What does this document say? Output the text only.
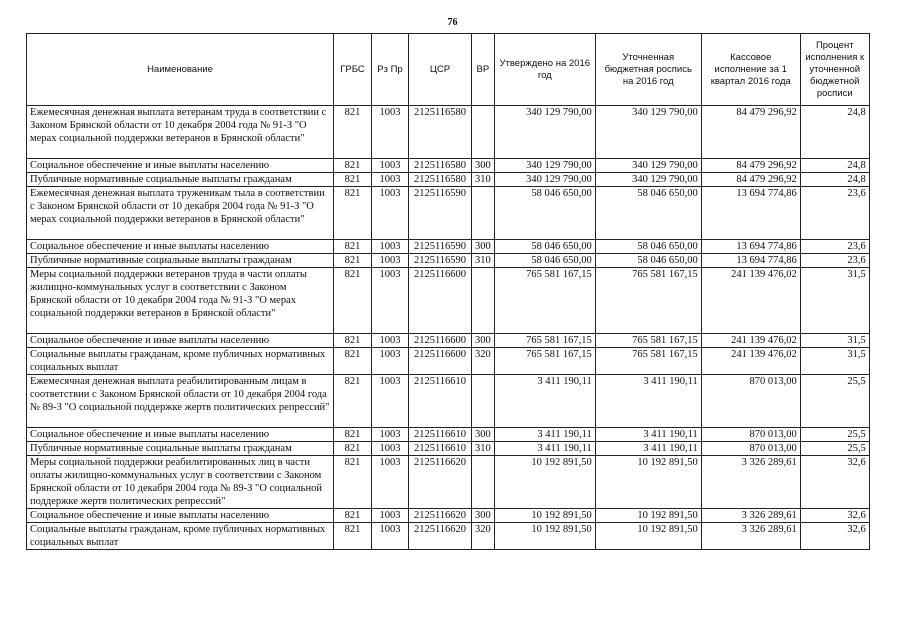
76
Наименование	ГРБС	Рз Пр	ЦСР	ВР	Утверждено на 2016 год	Уточненная бюджетная роспись на 2016 год	Кассовое исполнение за 1 квартал 2016 года	Процент исполнения к уточненной бюджетной росписи
Ежемесячная денежная выплата ветеранам труда в соответствии с Законом Брянской области от 10 декабря 2004 года № 91-З "О мерах социальной поддержки ветеранов в Брянской области"	821	1003	2125116580		340 129 790,00	340 129 790,00	84 479 296,92	24,8
Социальное обеспечение и иные выплаты населению	821	1003	2125116580	300	340 129 790,00	340 129 790,00	84 479 296,92	24,8
Публичные нормативные социальные выплаты гражданам	821	1003	2125116580	310	340 129 790,00	340 129 790,00	84 479 296,92	24,8
Ежемесячная денежная выплата труженикам тыла в соответствии с Законом Брянской области от 10 декабря 2004 года № 91-З "О мерах социальной поддержки ветеранов в Брянской области"	821	1003	2125116590		58 046 650,00	58 046 650,00	13 694 774,86	23,6
Социальное обеспечение и иные выплаты населению	821	1003	2125116590	300	58 046 650,00	58 046 650,00	13 694 774,86	23,6
Публичные нормативные социальные выплаты гражданам	821	1003	2125116590	310	58 046 650,00	58 046 650,00	13 694 774,86	23,6
Меры социальной поддержки ветеранов труда в части оплаты жилищно-коммунальных услуг в соответствии с Законом Брянской области от 10 декабря 2004 года № 91-З "О мерах социальной поддержки ветеранов в Брянской области"	821	1003	2125116600		765 581 167,15	765 581 167,15	241 139 476,02	31,5
Социальное обеспечение и иные выплаты населению	821	1003	2125116600	300	765 581 167,15	765 581 167,15	241 139 476,02	31,5
Социальные выплаты гражданам, кроме публичных нормативных социальных выплат	821	1003	2125116600	320	765 581 167,15	765 581 167,15	241 139 476,02	31,5
Ежемесячная денежная выплата реабилитированным лицам в соответствии с Законом Брянской области от 10 декабря 2004 года № 89-З "О социальной поддержке жертв политических репрессий"	821	1003	2125116610		3 411 190,11	3 411 190,11	870 013,00	25,5
Социальное обеспечение и иные выплаты населению	821	1003	2125116610	300	3 411 190,11	3 411 190,11	870 013,00	25,5
Публичные нормативные социальные выплаты гражданам	821	1003	2125116610	310	3 411 190,11	3 411 190,11	870 013,00	25,5
Меры социальной поддержки реабилитированных лиц в части оплаты жилищно-коммунальных услуг в соответствии с Законом Брянской области от 10 декабря 2004 года № 89-З "О социальной поддержке жертв политических репрессий"	821	1003	2125116620		10 192 891,50	10 192 891,50	3 326 289,61	32,6
Социальное обеспечение и иные выплаты населению	821	1003	2125116620	300	10 192 891,50	10 192 891,50	3 326 289,61	32,6
Социальные выплаты гражданам, кроме публичных нормативных социальных выплат	821	1003	2125116620	320	10 192 891,50	10 192 891,50	3 326 289,61	32,6
